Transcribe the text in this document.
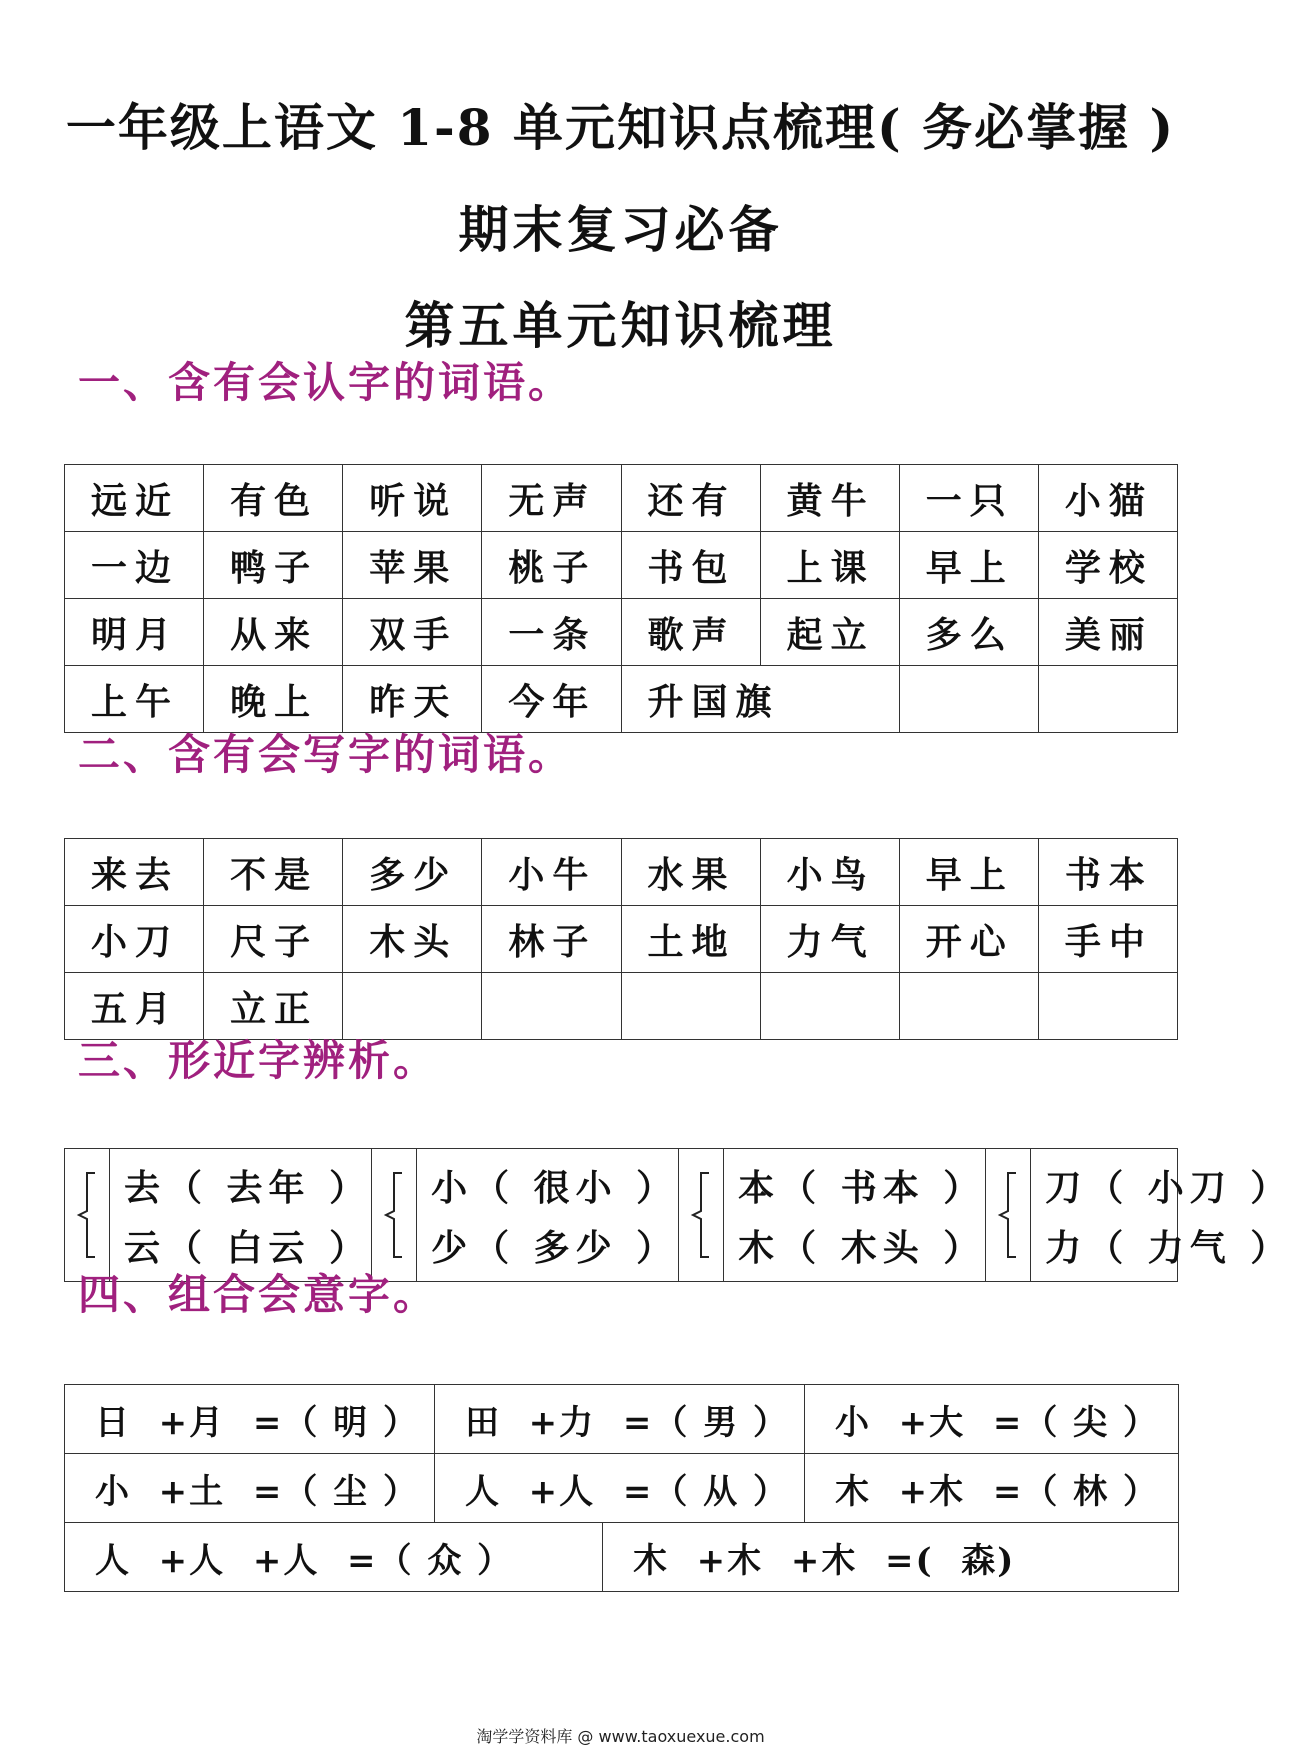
一年级上语文 1-8 单元知识点梳理( 务必掌握 )
期末复习必备
第五单元知识梳理
一、含有会认字的词语。
远近	有色	听说	无声	还有	黄牛	一只	小猫
一边	鸭子	苹果	桃子	书包	上课	早上	学校
明月	从来	双手	一条	歌声	起立	多么	美丽
上午	晚上	昨天	今年	升国旗			
二、含有会写字的词语。
来去	不是	多少	小牛	水果	小鸟	早上	书本
小刀	尺子	木头	林子	土地	力气	开心	手中
五月	立正						
三、形近字辨析。
去（ 去年 ）
云（ 白云 ）
小（ 很小 ）
少（ 多少 ）
本（ 书本 ）
木（ 木头 ）
刀（ 小刀 ）
力（ 力气 ）
四、组合会意字。
日  +月  =（ 明 ）	田  +力  =（ 男 ）		小  +大  =（ 尖 ）
小  +土  =（ 尘 ）	人  +人  =（ 从 ）		木  +木  =（ 林 ）
人  +人  +人  =（ 众 ）		木  +木  +木  =(  森)	
淘学学资料库 @ www.taoxuexue.com
